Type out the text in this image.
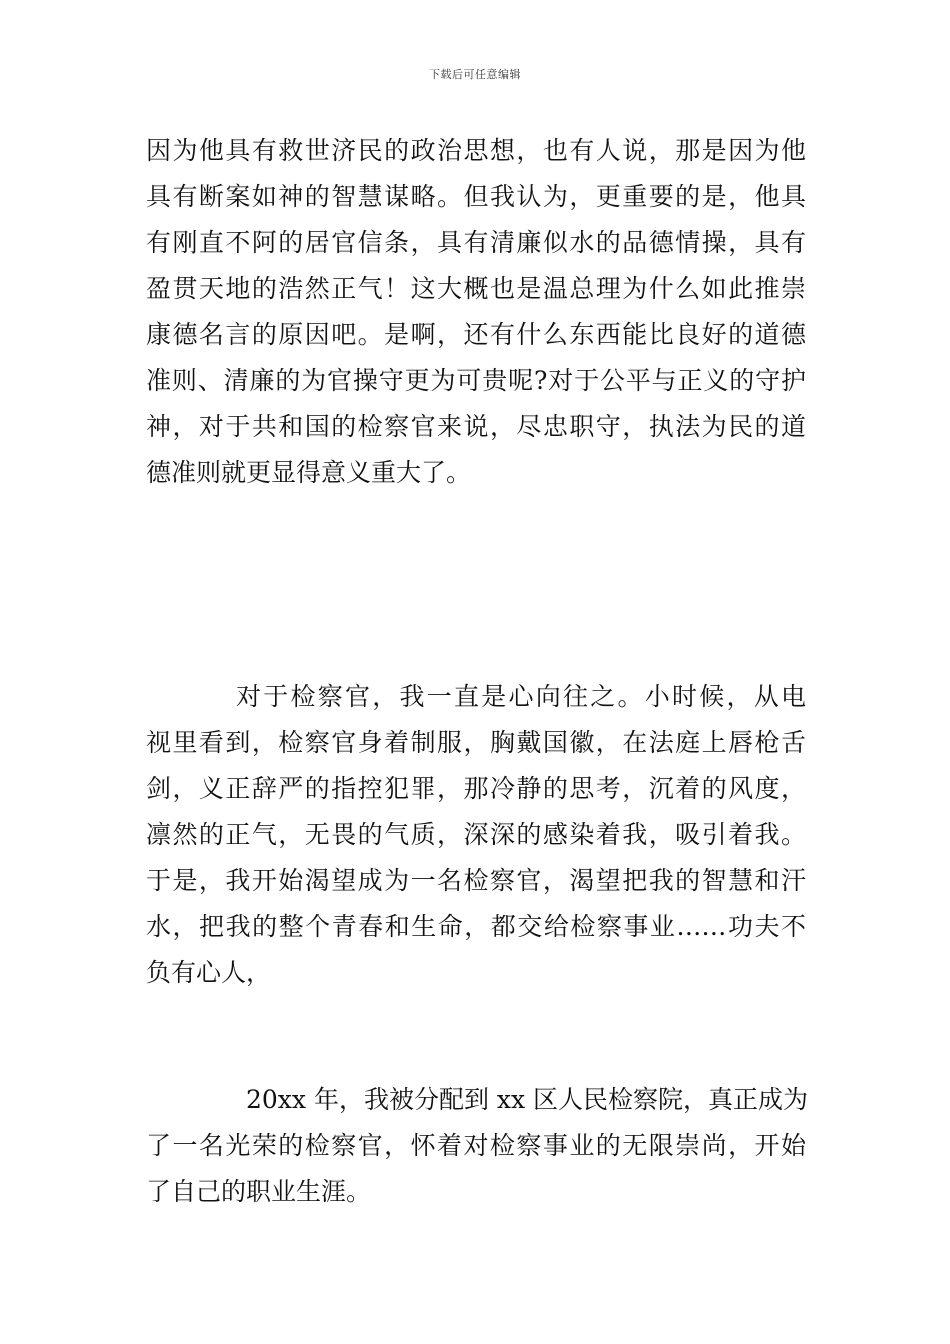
下载后可任意编辑
因为他具有救世济民的政治思想，也有人说，那是因为他
具有断案如神的智慧谋略。但我认为，更重要的是，他具
有刚直不阿的居官信条，具有清廉似水的品德情操，具有
盈贯天地的浩然正气！这大概也是温总理为什么如此推崇
康德名言的原因吧。是啊，还有什么东西能比良好的道德
准则、清廉的为官操守更为可贵呢?对于公平与正义的守护
神，对于共和国的检察官来说，尽忠职守，执法为民的道
德准则就更显得意义重大了。
对于检察官，我一直是心向往之。小时候，从电
视里看到，检察官身着制服，胸戴国徽，在法庭上唇枪舌
剑，义正辞严的指控犯罪，那冷静的思考，沉着的风度，
凛然的正气，无畏的气质，深深的感染着我，吸引着我。
于是，我开始渴望成为一名检察官，渴望把我的智慧和汗
水，把我的整个青春和生命，都交给检察事业……功夫不
负有心人，
20xx 年，我被分配到 xx 区人民检察院，真正成为
了一名光荣的检察官，怀着对检察事业的无限崇尚，开始
了自己的职业生涯。
